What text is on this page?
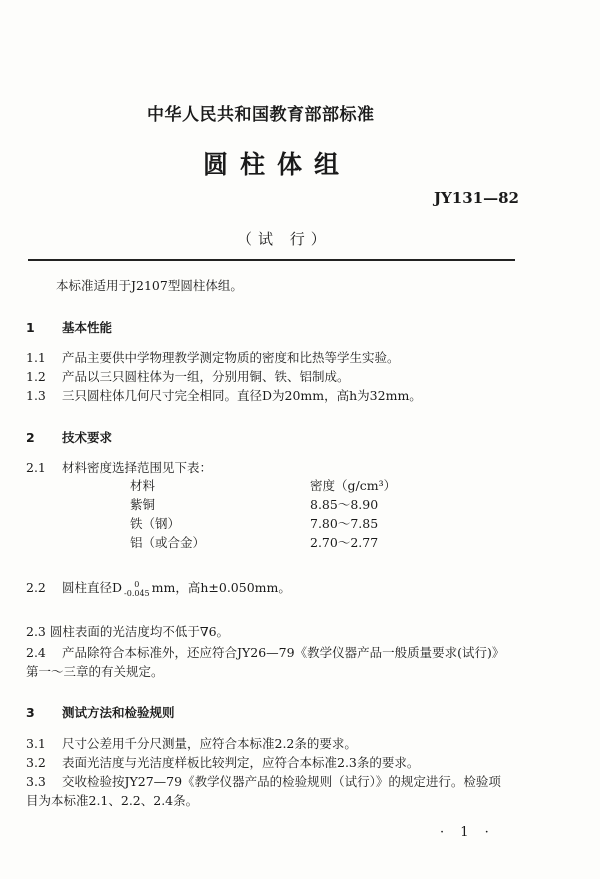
中华人民共和国教育部部标准
圆柱体组
JY131—82
（试 行）
本标准适用于J2107型圆柱体组。
1 基本性能
1.1 产品主要供中学物理教学测定物质的密度和比热等学生实验。
1.2 产品以三只圆柱体为一组，分别用铜、铁、铝制成。
1.3 三只圆柱体几何尺寸完全相同。直径D为20mm，高h为32mm。
2 技术要求
2.1 材料密度选择范围见下表：
材料	密度（g/cm³）
紫铜	8.85～8.90
铁（钢）	7.80～7.85
铝（或合金）	2.70～2.77
2.2 圆柱直径D 0
-0.045 mm，高h±0.050mm。
2.3 圆柱表面的光洁度均不低于∇6。
2.4 产品除符合本标准外，还应符合JY26—79《教学仪器产品一般质量要求(试行)》
第一～三章的有关规定。
3 测试方法和检验规则
3.1 尺寸公差用千分尺测量，应符合本标准2.2条的要求。
3.2 表面光洁度与光洁度样板比较判定，应符合本标准2.3条的要求。
3.3 交收检验按JY27—79《教学仪器产品的检验规则（试行）》的规定进行。检验项
目为本标准2.1、2.2、2.4条。
· 1 ·
